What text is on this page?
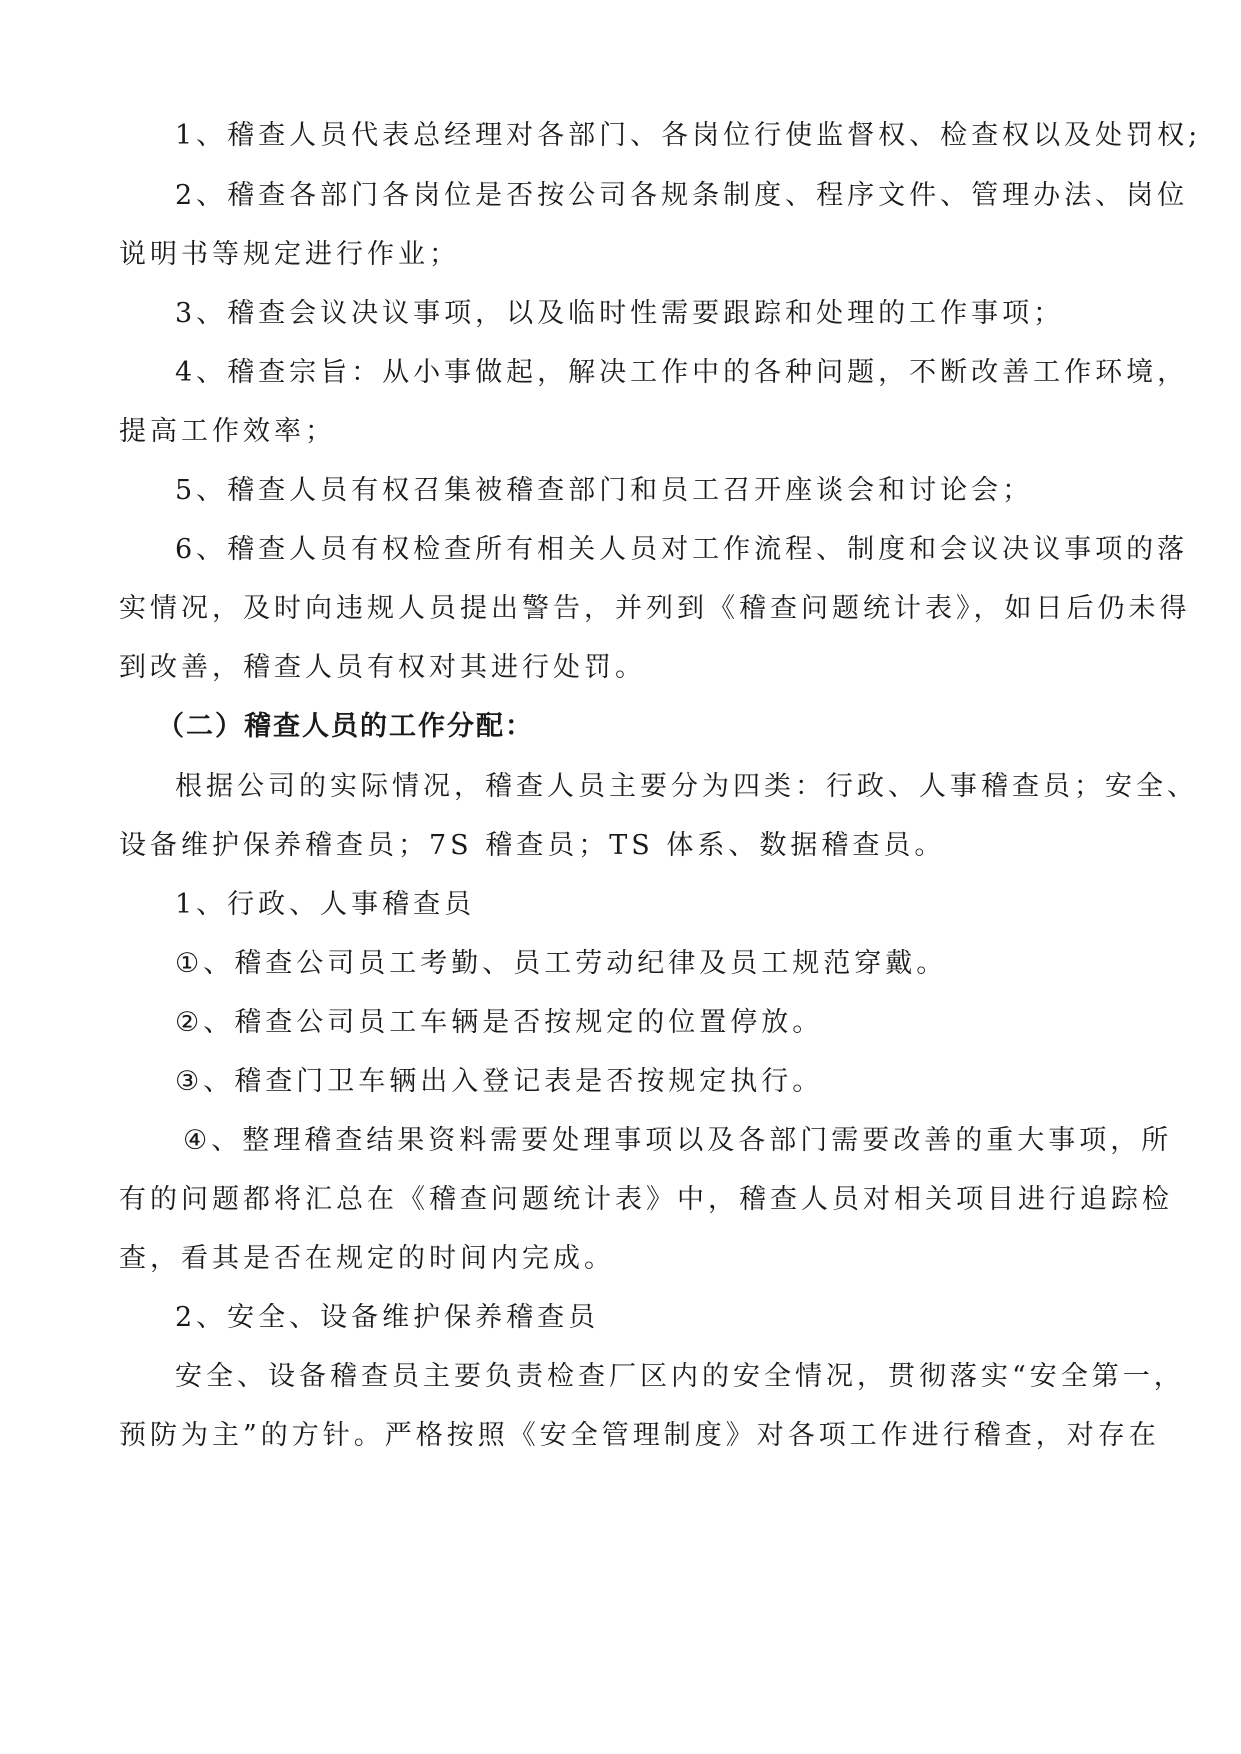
1、稽查人员代表总经理对各部门、各岗位行使监督权、检查权以及处罚权;
2、稽查各部门各岗位是否按公司各规条制度、程序文件、管理办法、岗位
说明书等规定进行作业；
3、稽查会议决议事项，以及临时性需要跟踪和处理的工作事项；
4、稽查宗旨：从小事做起，解决工作中的各种问题，不断改善工作环境，
提高工作效率；
5、稽查人员有权召集被稽查部门和员工召开座谈会和讨论会；
6、稽查人员有权检查所有相关人员对工作流程、制度和会议决议事项的落
实情况，及时向违规人员提出警告，并列到《稽查问题统计表》，如日后仍未得
到改善，稽查人员有权对其进行处罚。
（二）稽查人员的工作分配：
根据公司的实际情况，稽查人员主要分为四类：行政、人事稽查员；安全、
设备维护保养稽查员；7S 稽查员；TS 体系、数据稽查员。
1、行政、人事稽查员
①、稽查公司员工考勤、员工劳动纪律及员工规范穿戴。
②、稽查公司员工车辆是否按规定的位置停放。
③、稽查门卫车辆出入登记表是否按规定执行。
④、整理稽查结果资料需要处理事项以及各部门需要改善的重大事项，所
有的问题都将汇总在《稽查问题统计表》中，稽查人员对相关项目进行追踪检
查，看其是否在规定的时间内完成。
2、安全、设备维护保养稽查员
安全、设备稽查员主要负责检查厂区内的安全情况，贯彻落实“安全第一，
预防为主”的方针。严格按照《安全管理制度》对各项工作进行稽查，对存在
